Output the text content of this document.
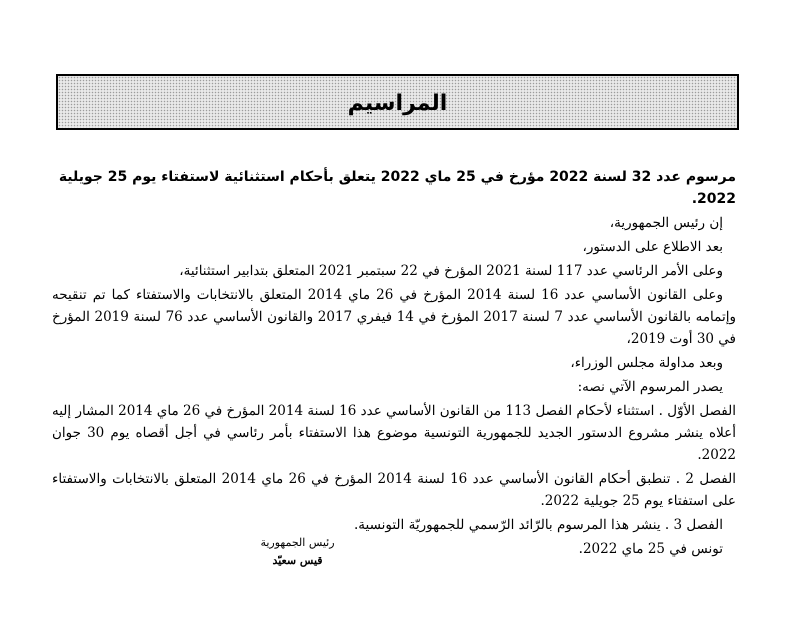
المراسيم
مرسوم عدد 32 لسنة 2022 مؤرخ في 25 ماي 2022 يتعلق بأحكام استثنائية لاستفتاء يوم 25 جويلية 2022.
إن رئيس الجمهورية،
بعد الاطلاع على الدستور،
وعلى الأمر الرئاسي عدد 117 لسنة 2021 المؤرخ في 22 سبتمبر 2021 المتعلق بتدابير استثنائية،
وعلى القانون الأساسي عدد 16 لسنة 2014 المؤرخ في 26 ماي 2014 المتعلق بالانتخابات والاستفتاء كما تم تنقيحه وإتمامه بالقانون الأساسي عدد 7 لسنة 2017 المؤرخ في 14 فيفري 2017 والقانون الأساسي عدد 76 لسنة 2019 المؤرخ في 30 أوت 2019،
وبعد مداولة مجلس الوزراء،
يصدر المرسوم الآتي نصه:
الفصل الأوّل . استثناء لأحكام الفصل 113 من القانون الأساسي عدد 16 لسنة 2014 المؤرخ في 26 ماي 2014 المشار إليه أعلاه ينشر مشروع الدستور الجديد للجمهورية التونسية موضوع هذا الاستفتاء بأمر رئاسي في أجل أقصاه يوم 30 جوان 2022.
الفصل 2 . تنطبق أحكام القانون الأساسي عدد 16 لسنة 2014 المؤرخ في 26 ماي 2014 المتعلق بالانتخابات والاستفتاء على استفتاء يوم 25 جويلية 2022.
الفصل 3 . ينشر هذا المرسوم بالرّائد الرّسمي للجمهوريّة التونسية.
تونس في 25 ماي 2022.
رئيس الجمهورية
قيس سعيّد
